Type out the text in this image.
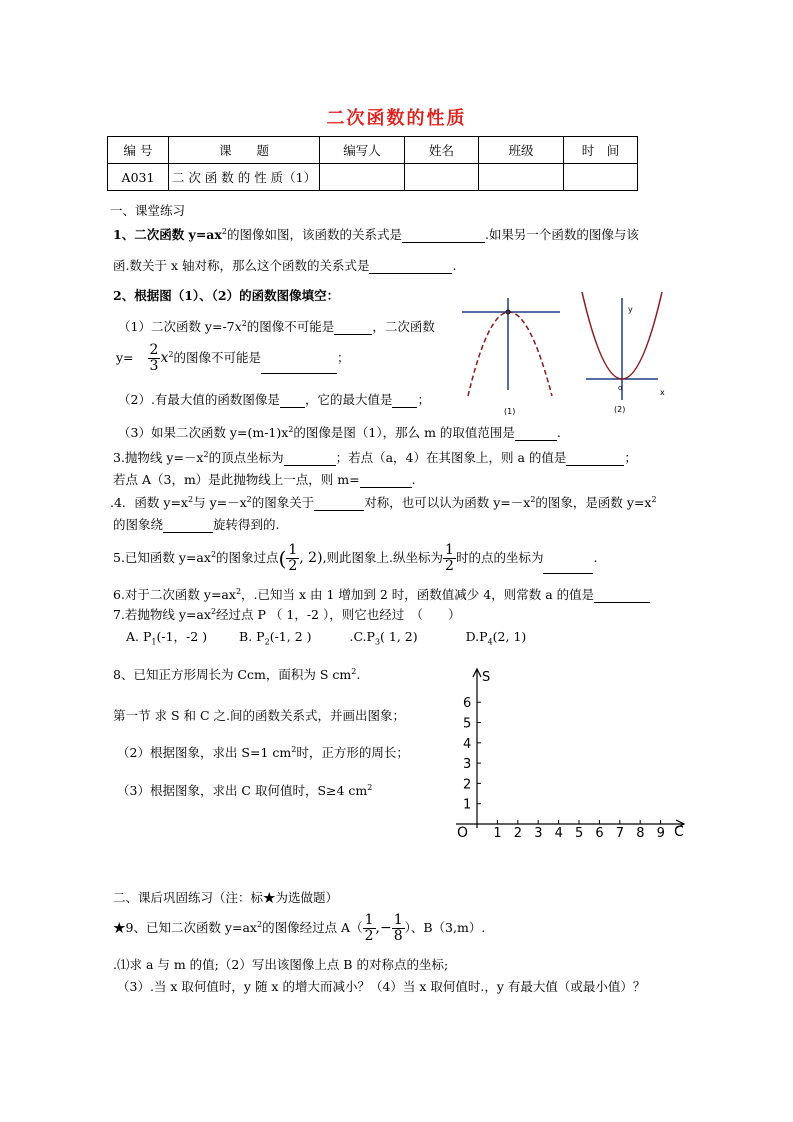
二次函数的性质
编 号	课　　题	编写人	姓名	班级	时　间
A031	二 次 函 数 的 性 质（1）				
一、课堂练习
1、二次函数 $y=ax^2$的图像如图，该函数的关系式是	.如果另一个函数的图像与该
函.数关于 x 轴对称，那么这个函数的关系式是	.
2、根据图（1）、（2）的函数图像填空：
（1）二次函数 $y=-7x^2$的图像不可能是	，二次函数
$y= \frac{2}{3} x^2$的图像不可能是	；
（2）.有最大值的函数图像是 ，它的最大值是 ；
（3）如果二次函数 $y=(m-1)x^2$的图像是图（1），那么 m 的取值范围是	.
(1)
y
x
o
(2)
3.抛物线 $y=-x^2$的顶点坐标为	；若点（a，4）在其图象上，则 a 的值是	；
若点 A（3，m）是此抛物线上一点，则 m=	.
.4．函数 $y=x^2$与 $y=-x^2$的图象关于	对称，也可以认为函数 $y=-x^2$的图象，是函数 $y=x^2$
的图象绕	旋转得到的.
5.已知函数 $y=ax^2$的图象过点( $\frac{1}{2}$ , 2),则此图象上.纵坐标为 $\frac{1}{2}$ 时的点的坐标为	.
6.对于二次函数 $y=ax^2$，.已知当 x 由 1 增加到 2 时，函数值减少 4，则常数 a 的值是
7.若抛物线 $y=ax^2$经过点 P （ 1，-2 ），则它也经过　（　　）
A. $P_1(-1$，-2 )	B. $P_2(-1$, 2 )	$.C.P_3$( 1, 2)	$D.P_4(2$, 1)
8、已知正方形周长为 Ccm，面积为 S $cm^2$.
第一节 求 S 和 C 之.间的函数关系式，并画出图象；
（2）根据图象，求出 S=1 $cm^2$时，正方形的周长；
（3）根据图象，求出 C 取何值时，S≥4 $cm^2$
S
C
O
1
2
3
4
5
6
1 2 3 4 5 6 7 8 9
二、课后巩固练习（注：标★为选做题）
★9、已知二次函数 $y=ax^2$的图像经过点 $A( \frac{1}{2}$ ,− $\frac{1}{8}$ ）、B（3,m）.
.⑴求 a 与 m 的值;（2）写出该图像上点 B 的对称点的坐标;
（3）.当 x 取何值时，y 随 x 的增大而减小？（4）当 x 取何值时.，y 有最大值（或最小值）？
